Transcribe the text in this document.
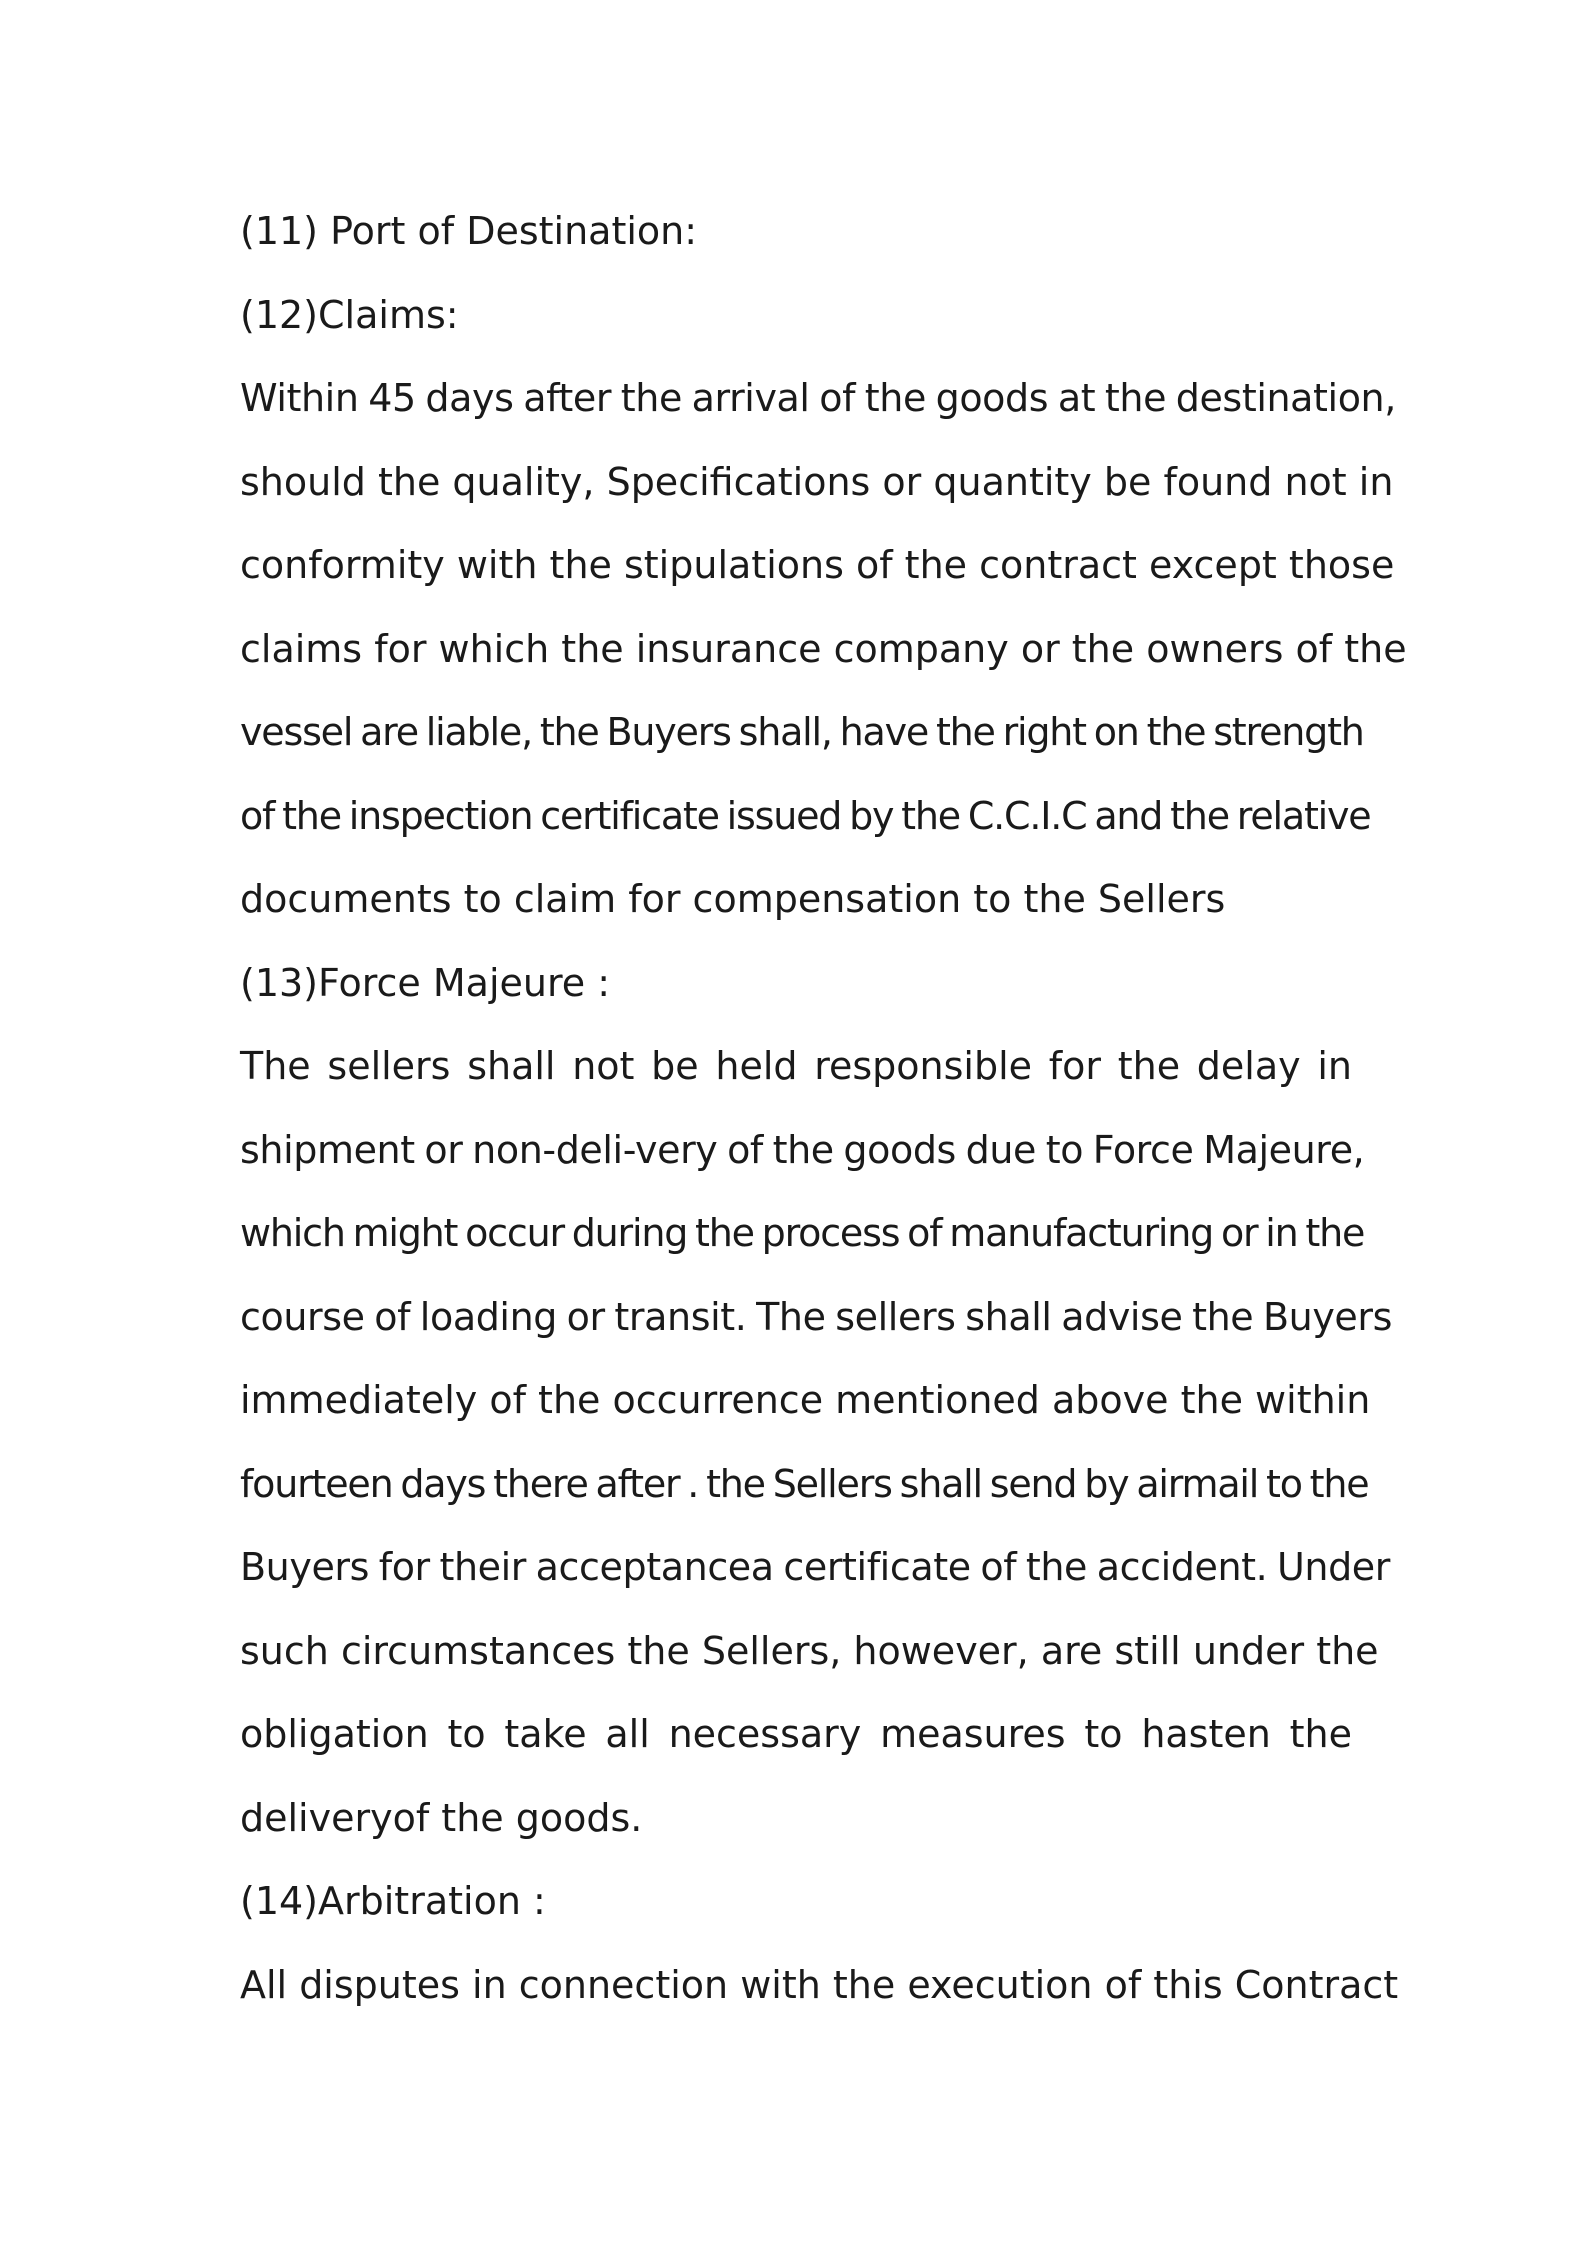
(11) Port of Destination:

(12)Claims:

Within 45 days after the arrival of the goods at the destination,

should the quality, Specifications or quantity be found not in

conformity with the stipulations of the contract except those

claims for which the insurance company or the owners of the

vessel are liable, the Buyers shall, have the right on the strength

of the inspection certificate issued by the C.C.I.C and the relative

documents to claim for compensation to the Sellers

(13)Force Majeure :

The sellers shall not be held responsible for the delay in

shipment or non-deli-very of the goods due to Force Majeure,

which might occur during the process of manufacturing or in the

course of loading or transit. The sellers shall advise the Buyers

immediately of the occurrence mentioned above the within

fourteen days there after . the Sellers shall send by airmail to the

Buyers for their acceptancea certificate of the accident. Under

such circumstances the Sellers, however, are still under the

obligation to take all necessary measures to hasten the

deliveryof the goods.

(14)Arbitration :

All disputes in connection with the execution of this Contract
